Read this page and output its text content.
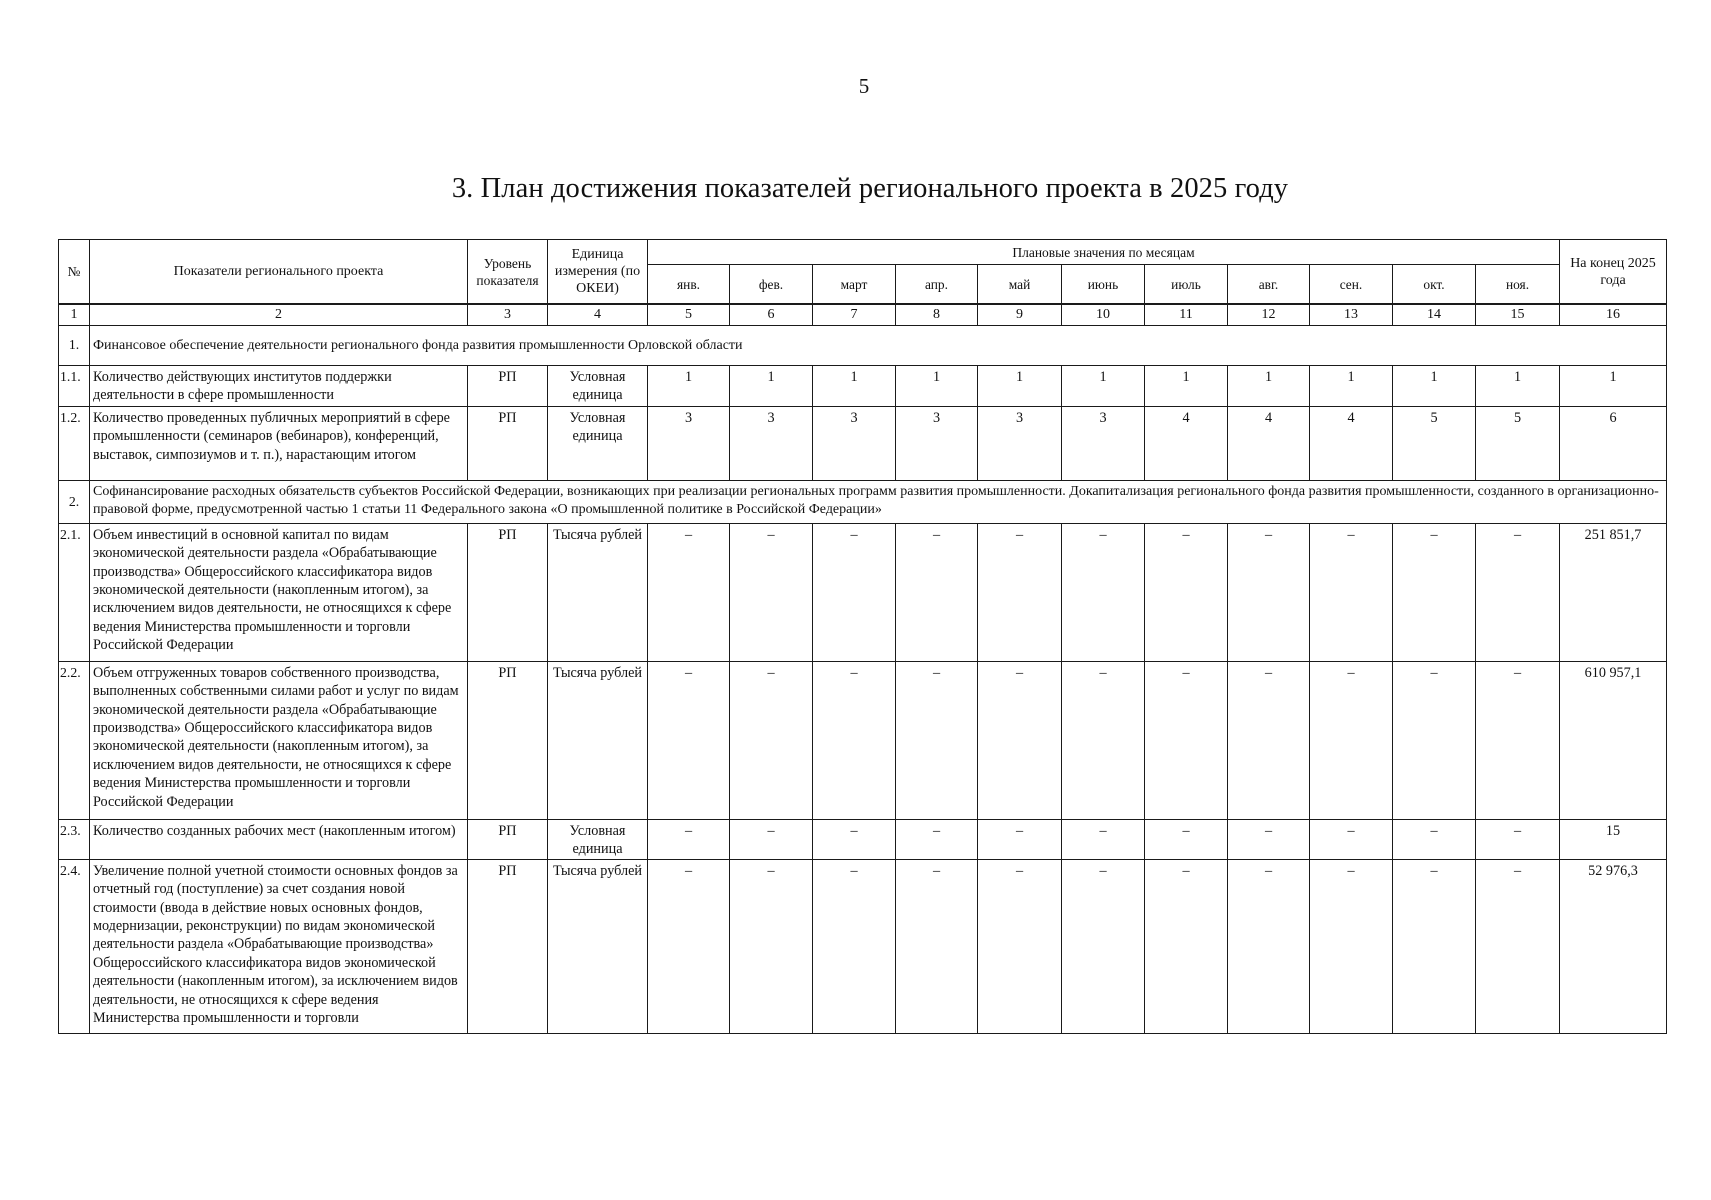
5
3. План достижения показателей регионального проекта в 2025 году
№	Показатели регионального проекта	Уровень показателя	Единица измерения (по ОКЕИ)	Плановые значения по месяцам											На конец 2025 года
				янв.	фев.	март	апр.	май	июнь	июль	авг.	сен.	окт.	ноя.	
1	2	3	4	5	6	7	8	9	10	11	12	13	14	15	16
1.	Финансовое обеспечение деятельности регионального фонда развития промышленности Орловской области														
1.1.	Количество действующих институтов поддержки деятельности в сфере промышленности	РП	Условная единица	1	1	1	1	1	1	1	1	1	1	1	1
1.2.	Количество проведенных публичных мероприятий в сфере промышленности (семинаров (вебинаров), конференций, выставок, симпозиумов и т. п.), нарастающим итогом	РП	Условная единица	3	3	3	3	3	3	4	4	4	5	5	6
2.	Софинансирование расходных обязательств субъектов Российской Федерации, возникающих при реализации региональных программ развития промышленности. Докапитализация регионального фонда развития промышленности, созданного в организационно-правовой форме, предусмотренной частью 1 статьи 11 Федерального закона «О промышленной политике в Российской Федерации»														
2.1.	Объем инвестиций в основной капитал по видам экономической деятельности раздела «Обрабатывающие производства» Общероссийского классификатора видов экономической деятельности (накопленным итогом), за исключением видов деятельности, не относящихся к сфере ведения Министерства промышленности и торговли Российской Федерации	РП	Тысяча рублей	–	–	–	–	–	–	–	–	–	–	–	251 851,7
2.2.	Объем отгруженных товаров собственного производства, выполненных собственными силами работ и услуг по видам экономической деятельности раздела «Обрабатывающие производства» Общероссийского классификатора видов экономической деятельности (накопленным итогом), за исключением видов деятельности, не относящихся к сфере ведения Министерства промышленности и торговли Российской Федерации	РП	Тысяча рублей	–	–	–	–	–	–	–	–	–	–	–	610 957,1
2.3.	Количество созданных рабочих мест (накопленным итогом)	РП	Условная единица	–	–	–	–	–	–	–	–	–	–	–	15
2.4.	Увеличение полной учетной стоимости основных фондов за отчетный год (поступление) за счет создания новой стоимости (ввода в действие новых основных фондов, модернизации, реконструкции) по видам экономической деятельности раздела «Обрабатывающие производства» Общероссийского классификатора видов экономической деятельности (накопленным итогом), за исключением видов деятельности, не относящихся к сфере ведения Министерства промышленности и торговли	РП	Тысяча рублей	–	–	–	–	–	–	–	–	–	–	–	52 976,3
